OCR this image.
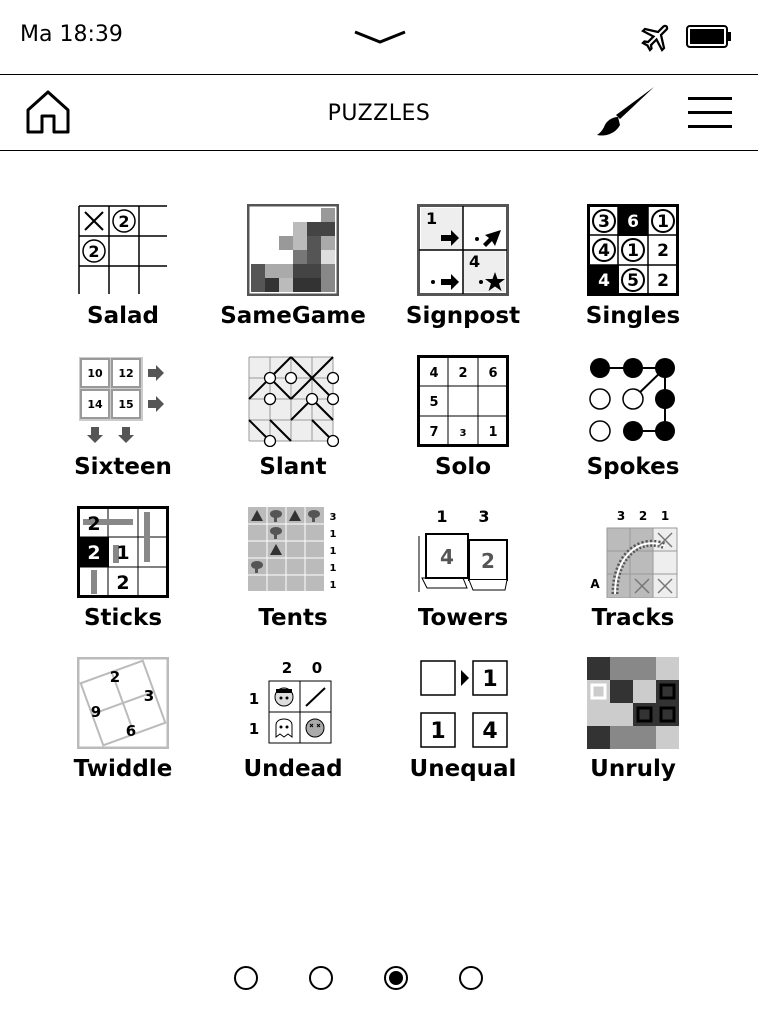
Ma 18:39
PUZZLES
2
2
Salad	SameGame
1
4
Signpost
3 6 1
4 1 2
4 5 2
Singles
10 12
14 15
Sixteen	Slant
4 2 6
5
7 3 1
Solo	Spokes
2
2 1
2
Sticks
3
1
1
1
1
Tents
1 3
4 2
Towers
3 2 1
A
Tracks
2
3
9
6
Twiddle
2 0
1
1
Undead
1
1 4
Unequal	Unruly
